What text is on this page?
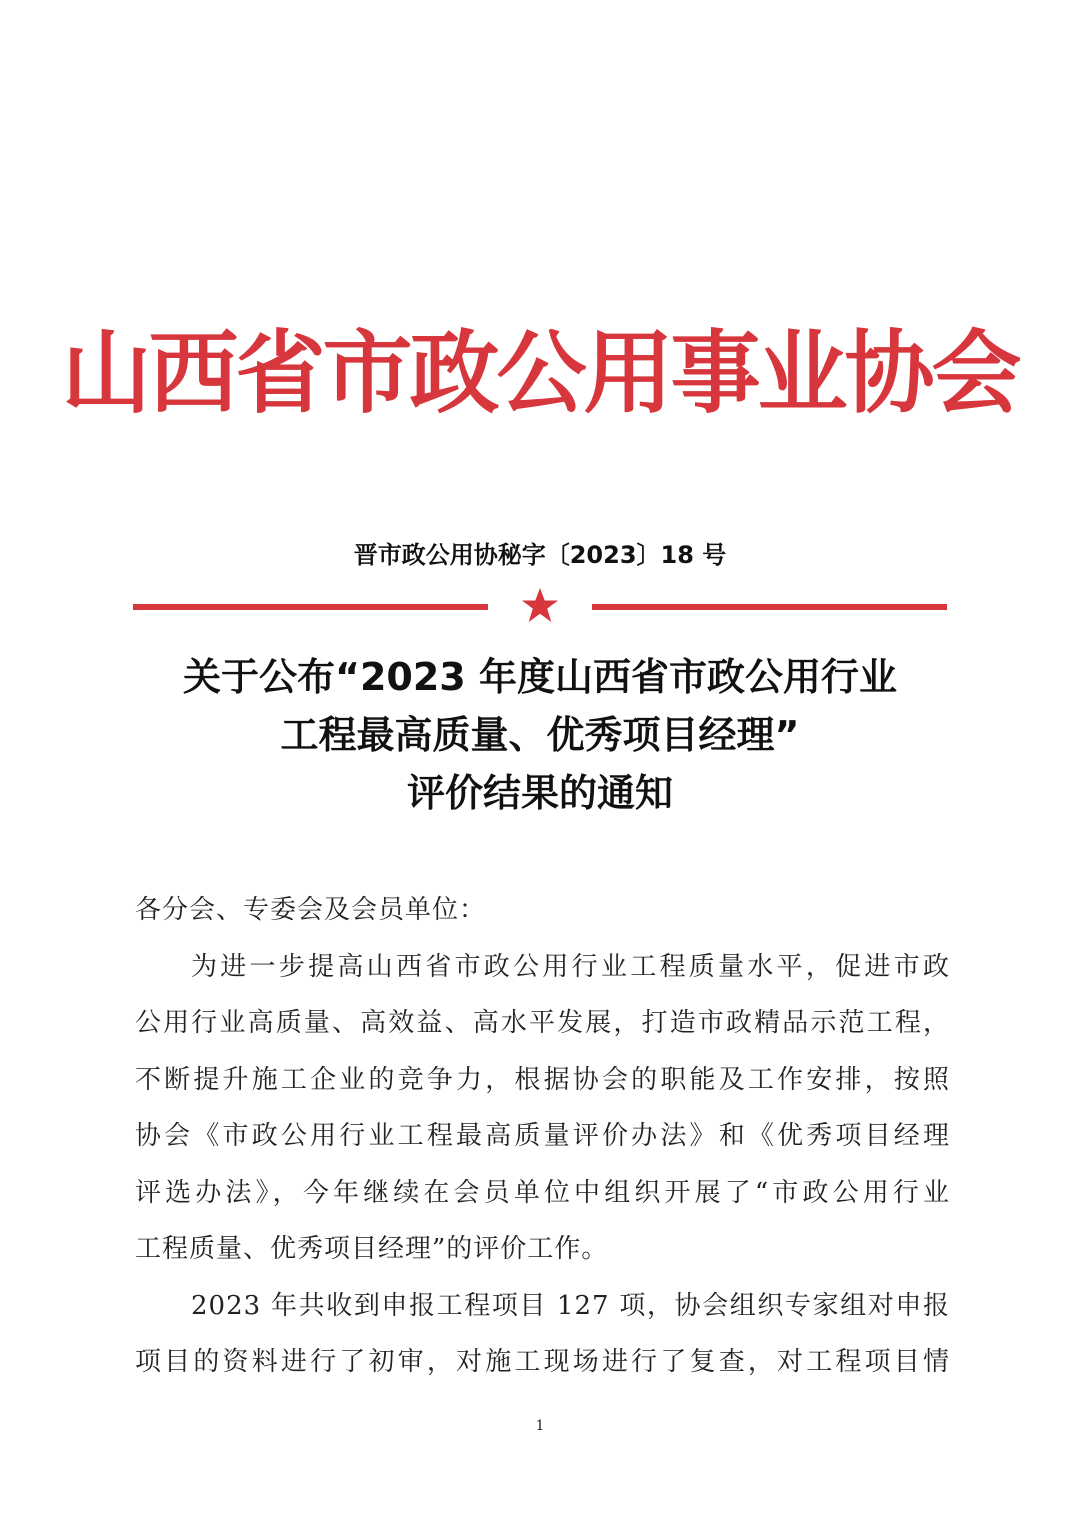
山西省市政公用事业协会
晋市政公用协秘字〔2023〕18 号
关于公布“2023 年度山西省市政公用行业
工程最高质量、优秀项目经理”
评价结果的通知
各分会、专委会及会员单位：
为进一步提高山西省市政公用行业工程质量水平，促进市政
公用行业高质量、高效益、高水平发展，打造市政精品示范工程，
不断提升施工企业的竞争力，根据协会的职能及工作安排，按照
协会《市政公用行业工程最高质量评价办法》和《优秀项目经理
评选办法》，今年继续在会员单位中组织开展了“市政公用行业
工程质量、优秀项目经理”的评价工作。
2023 年共收到申报工程项目 127 项，协会组织专家组对申报
项目的资料进行了初审，对施工现场进行了复查，对工程项目情
1
